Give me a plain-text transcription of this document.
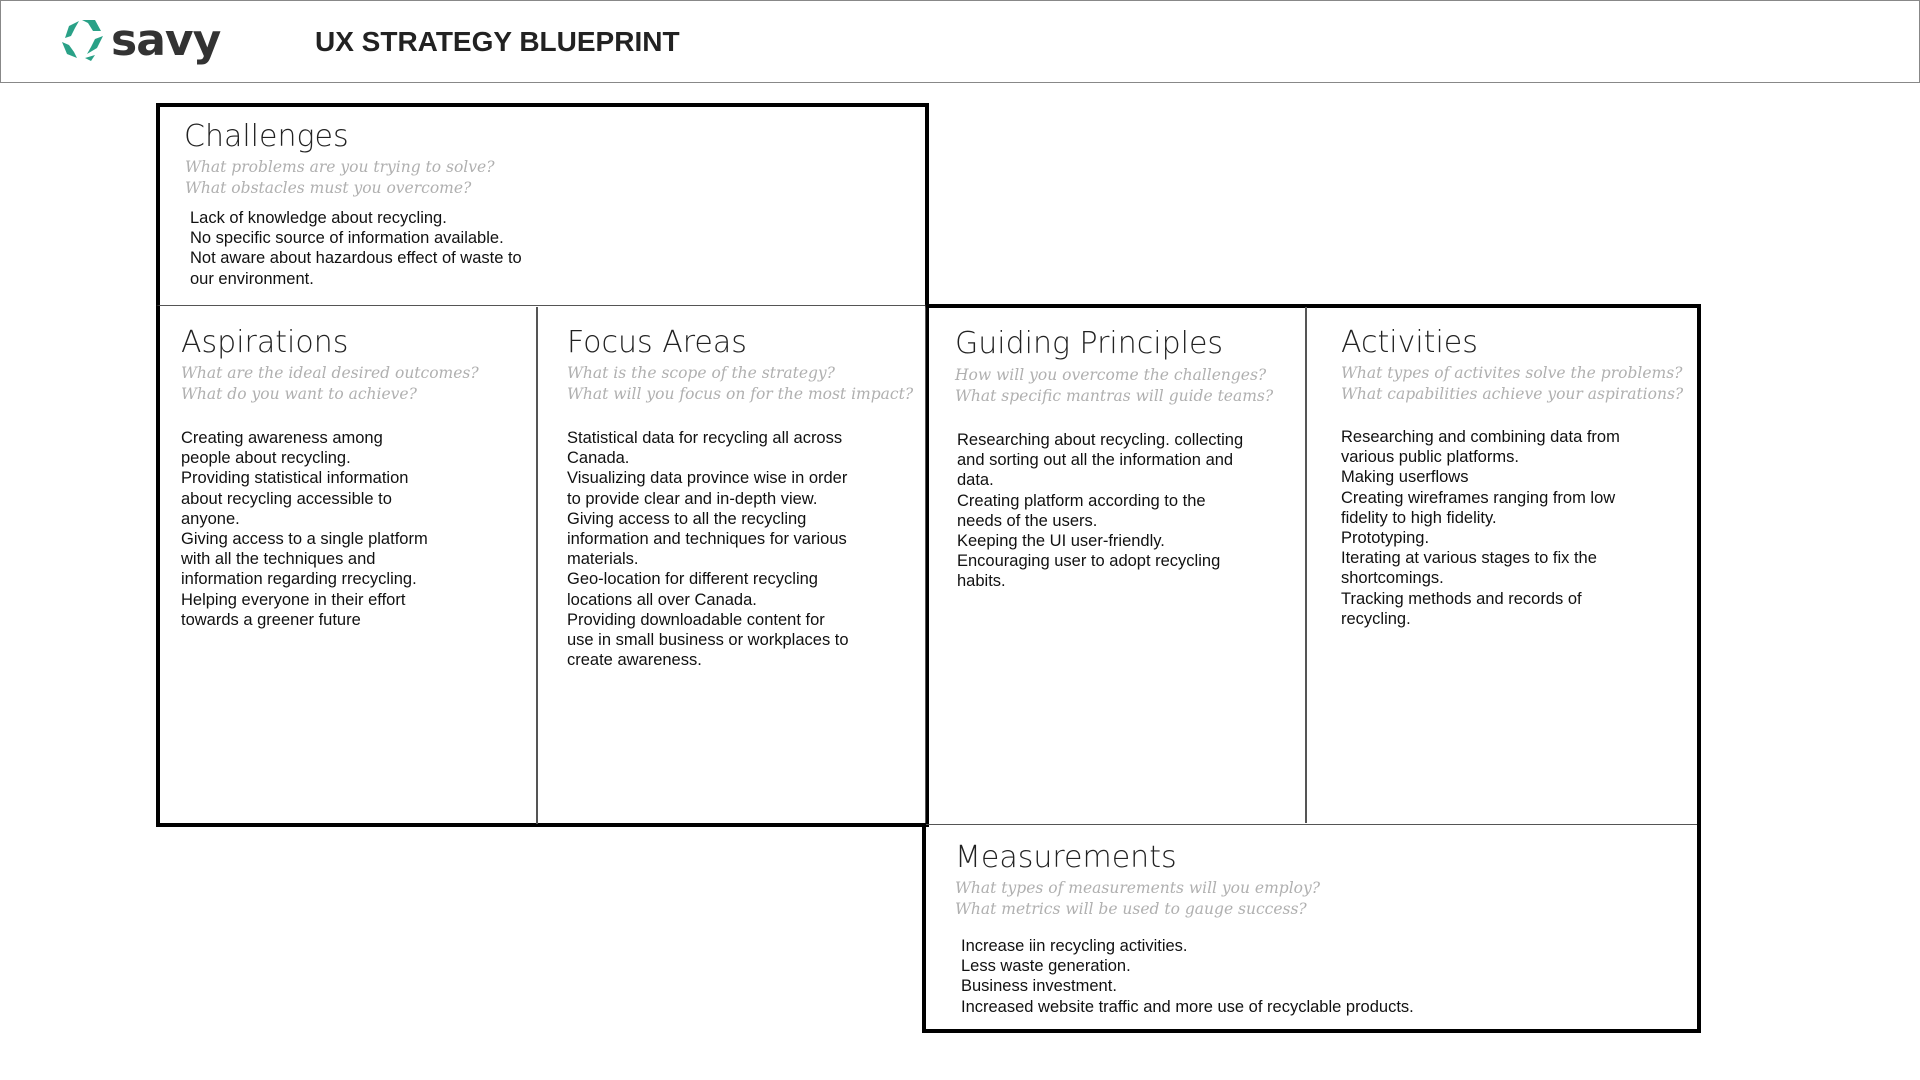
savy	UX STRATEGY BLUEPRINT
Challenges
What problems are you trying to solve?
What obstacles must you overcome?
Lack of knowledge about recycling.
No specific source of information available.
Not aware about hazardous effect of waste to
our environment.
Aspirations
What are the ideal desired outcomes?
What do you want to achieve?
Creating awareness among
people about recycling.
Providing statistical information
about recycling accessible to
anyone.
Giving access to a single platform
with all the techniques and
information regarding rrecycling.
Helping everyone in their effort
towards a greener future
Focus Areas
What is the scope of the strategy?
What will you focus on for the most impact?
Statistical data for recycling all across
Canada.
Visualizing data province wise in order
to provide clear and in-depth view.
Giving access to all the recycling
information and techniques for various
materials.
Geo-location for different recycling
locations all over Canada.
Providing downloadable content for
use in small business or workplaces to
create awareness.
Guiding Principles
How will you overcome the challenges?
What specific mantras will guide teams?
Researching about recycling. collecting
and sorting out all the information and
data.
Creating platform according to the
needs of the users.
Keeping the UI user-friendly.
Encouraging user to adopt recycling
habits.
Activities
What types of activites solve the problems?
What capabilities achieve your aspirations?
Researching and combining data from
various public platforms.
Making userflows
Creating wireframes ranging from low
fidelity to high fidelity.
Prototyping.
Iterating at various stages to fix the
shortcomings.
Tracking methods and records of
recycling.
Measurements
What types of measurements will you employ?
What metrics will be used to gauge success?
Increase iin recycling activities.
Less waste generation.
Business investment.
Increased website traffic and more use of recyclable products.
